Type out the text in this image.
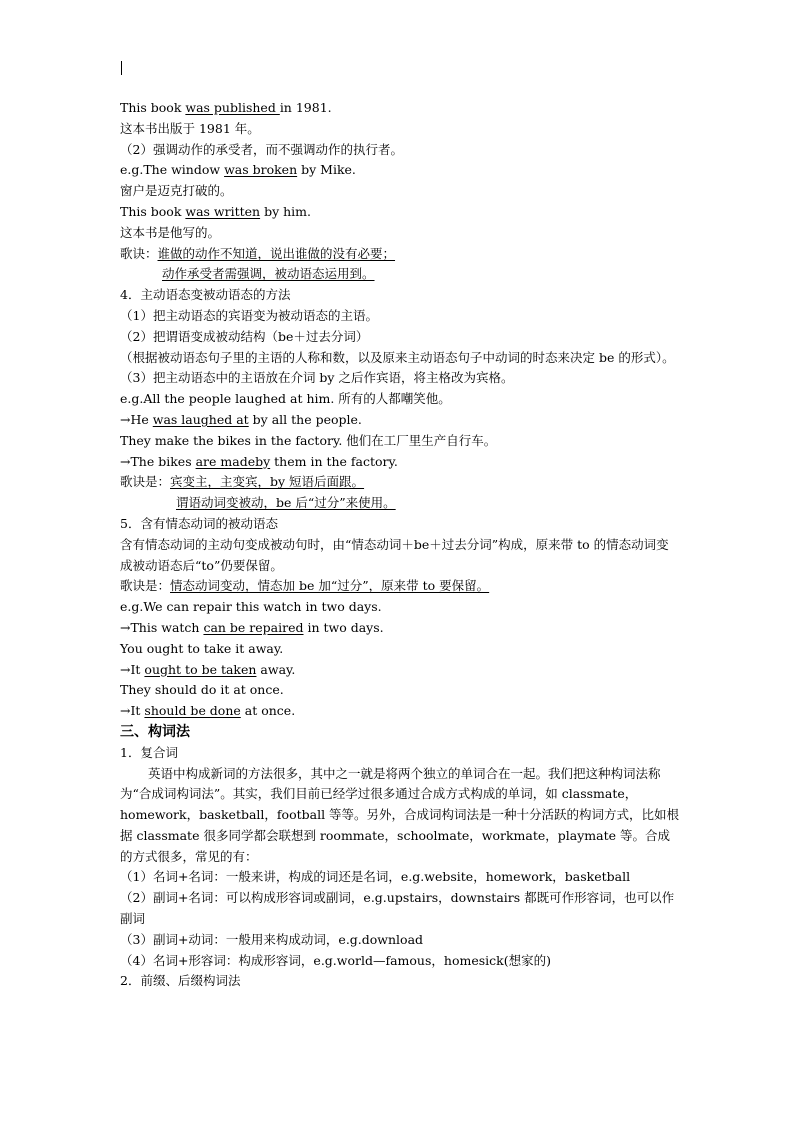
This book was published in 1981.
这本书出版于 1981 年。
（2）强调动作的承受者，而不强调动作的执行者。
e.g.The window was broken by Mike.
窗户是迈克打破的。
This book was written by him.
这本书是他写的。
歌诀：谁做的动作不知道，说出谁做的没有必要；
动作承受者需强调，被动语态运用到。
4．主动语态变被动语态的方法
（1）把主动语态的宾语变为被动语态的主语。
（2）把谓语变成被动结构（be＋过去分词）
（根据被动语态句子里的主语的人称和数，以及原来主动语态句子中动词的时态来决定 be 的形式）。
（3）把主动语态中的主语放在介词 by 之后作宾语，将主格改为宾格。
e.g.All the people laughed at him. 所有的人都嘲笑他。
→He was laughed at by all the people.
They make the bikes in the factory. 他们在工厂里生产自行车。
→The bikes are madeby them in the factory.
歌诀是：宾变主，主变宾，by 短语后面跟。
谓语动词变被动，be 后“过分”来使用。
5．含有情态动词的被动语态
含有情态动词的主动句变成被动句时，由“情态动词＋be＋过去分词”构成，原来带 to 的情态动词变成被动语态后“to”仍要保留。
歌诀是：情态动词变动，情态加 be 加“过分”，原来带 to 要保留。
e.g.We can repair this watch in two days.
→This watch can be repaired in two days.
You ought to take it away.
→It ought to be taken away.
They should do it at once.
→It should be done at once.
三、构词法
1．复合词
英语中构成新词的方法很多，其中之一就是将两个独立的单词合在一起。我们把这种构词法称为“合成词构词法”。其实，我们目前已经学过很多通过合成方式构成的单词，如 classmate，homework，basketball，football 等等。另外，合成词构词法是一种十分活跃的构词方式，比如根据 classmate 很多同学都会联想到 roommate，schoolmate，workmate，playmate 等。合成的方式很多，常见的有：
（1）名词+名词：一般来讲，构成的词还是名词，e.g.website，homework，basketball
（2）副词+名词：可以构成形容词或副词，e.g.upstairs，downstairs 都既可作形容词，也可以作副词
（3）副词+动词：一般用来构成动词，e.g.download
（4）名词+形容词：构成形容词，e.g.world—famous，homesick(想家的)
2．前缀、后缀构词法
